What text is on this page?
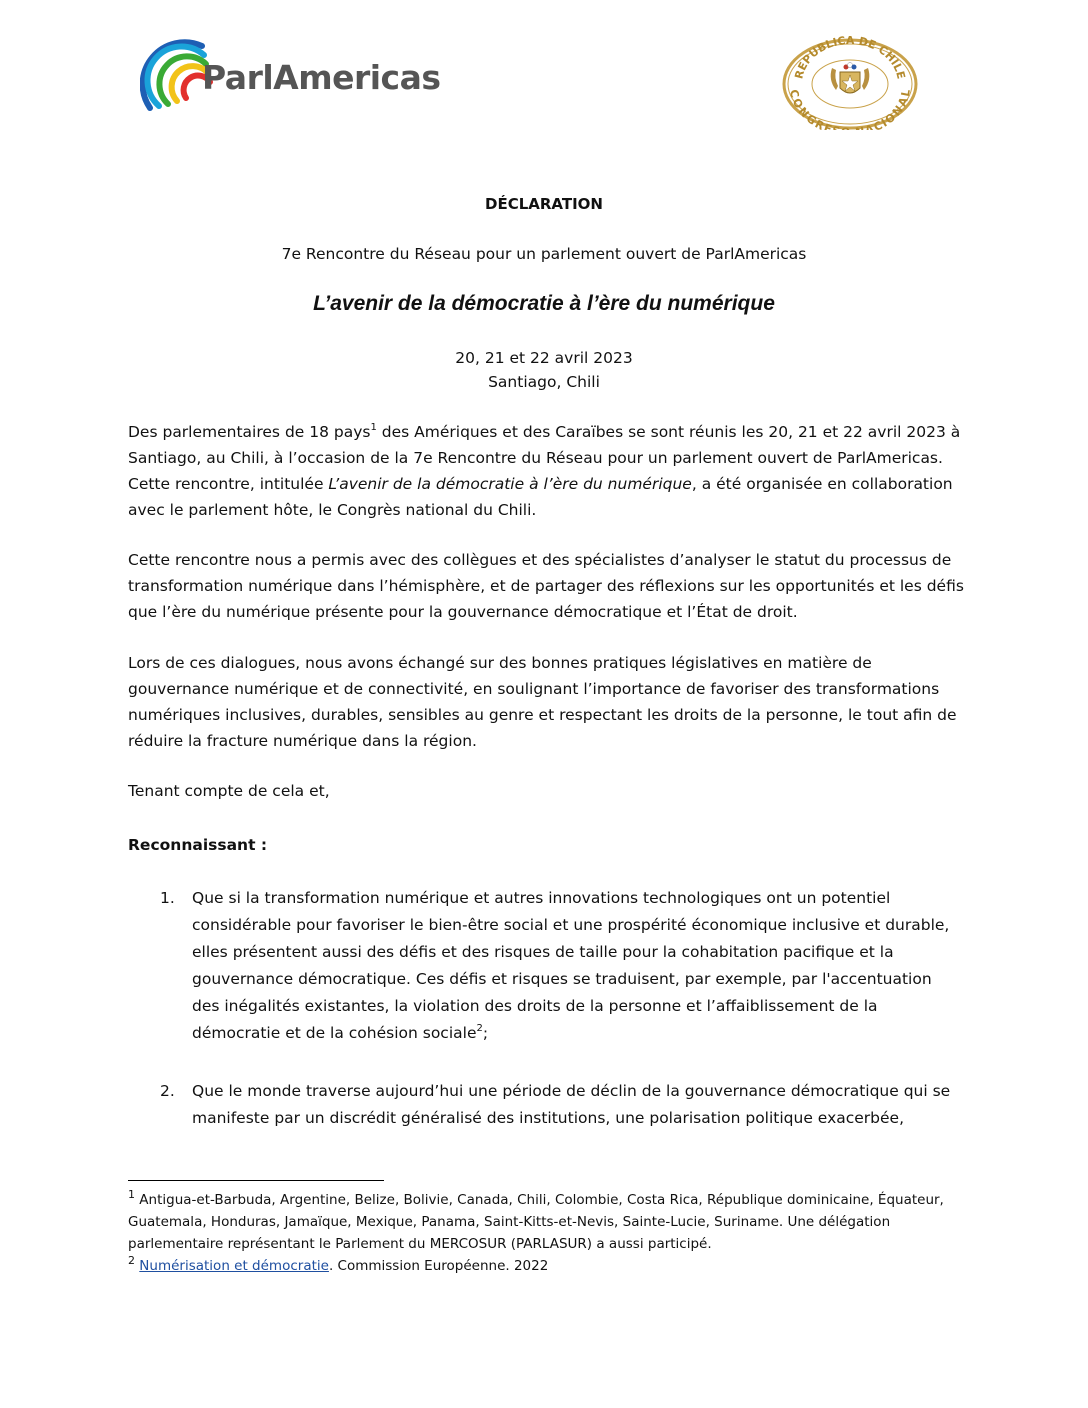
ParlAmericas	REPUBLICA DE CHILE
CONGRE ACIONAL
DÉCLARATION
7e Rencontre du Réseau pour un parlement ouvert de ParlAmericas
L’avenir de la démocratie à l’ère du numérique
20, 21 et 22 avril 2023
Santiago, Chili

Des parlementaires de 18 pays$^1$ des Amériques et des Caraïbes se sont réunis les 20, 21 et 22 avril 2023 à Santiago, au Chili, à l’occasion de la 7e Rencontre du Réseau pour un parlement ouvert de ParlAmericas. Cette rencontre, intitulée L’avenir de la démocratie à l’ère du numérique, a été organisée en collaboration avec le parlement hôte, le Congrès national du Chili.

Cette rencontre nous a permis avec des collègues et des spécialistes d’analyser le statut du processus de transformation numérique dans l’hémisphère, et de partager des réflexions sur les opportunités et les défis que l’ère du numérique présente pour la gouvernance démocratique et l’État de droit.

Lors de ces dialogues, nous avons échangé sur des bonnes pratiques législatives en matière de gouvernance numérique et de connectivité, en soulignant l’importance de favoriser des transformations numériques inclusives, durables, sensibles au genre et respectant les droits de la personne, le tout afin de réduire la fracture numérique dans la région.

Tenant compte de cela et,

Reconnaissant :

1. Que si la transformation numérique et autres innovations technologiques ont un potentiel considérable pour favoriser le bien-être social et une prospérité économique inclusive et durable, elles présentent aussi des défis et des risques de taille pour la cohabitation pacifique et la gouvernance démocratique. Ces défis et risques se traduisent, par exemple, par l'accentuation des inégalités existantes, la violation des droits de la personne et l’affaiblissement de la démocratie et de la cohésion sociale$^2$;
2. Que le monde traverse aujourd’hui une période de déclin de la gouvernance démocratique qui se manifeste par un discrédit généralisé des institutions, une polarisation politique exacerbée,
$^1$ Antigua-et-Barbuda, Argentine, Belize, Bolivie, Canada, Chili, Colombie, Costa Rica, République dominicaine, Équateur, Guatemala, Honduras, Jamaïque, Mexique, Panama, Saint-Kitts-et-Nevis, Sainte-Lucie, Suriname. Une délégation parlementaire représentant le Parlement du MERCOSUR (PARLASUR) a aussi participé.
$^2$ Numérisation et démocratie. Commission Européenne. 2022
